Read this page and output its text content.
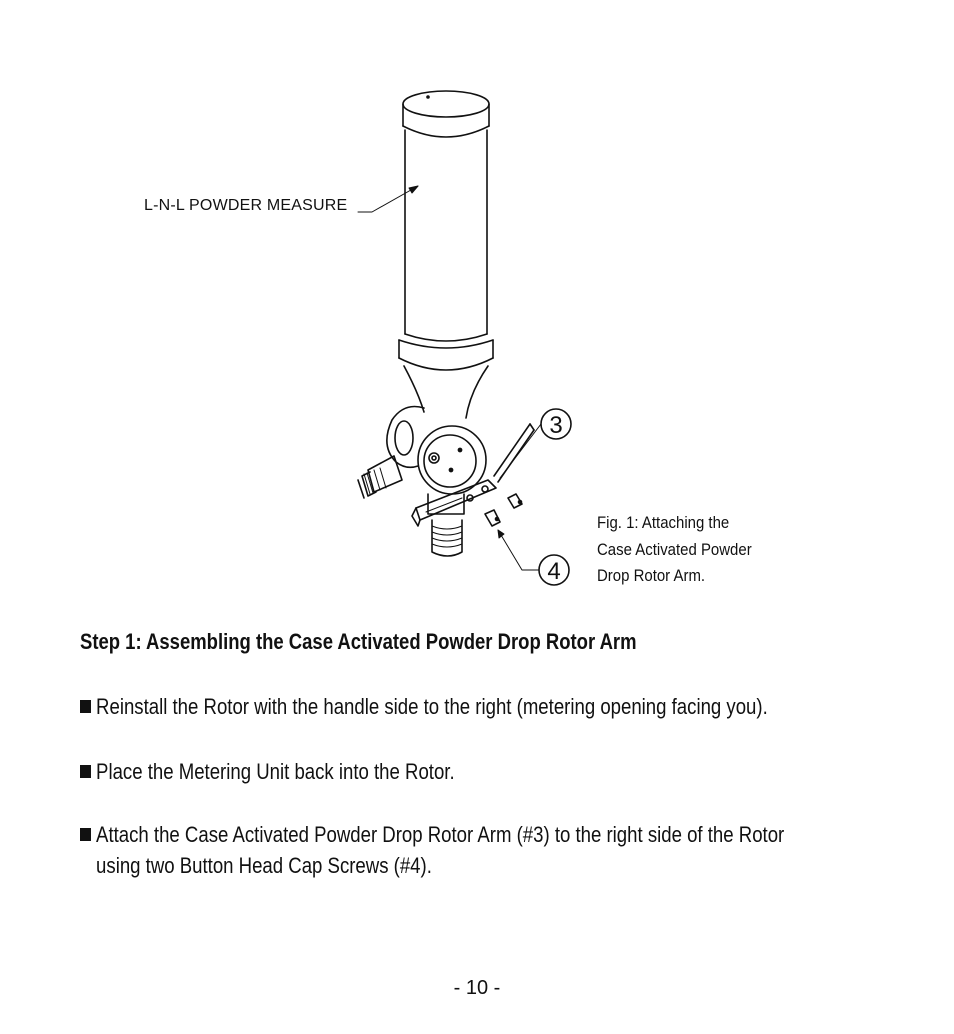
3
4
L-N-L POWDER MEASURE
Fig. 1: Attaching the
Case Activated Powder
Drop Rotor Arm.
Step 1: Assembling the Case Activated Powder Drop Rotor Arm
Reinstall the Rotor with the handle side to the right (metering opening facing you).
Place the Metering Unit back into the Rotor.
Attach the Case Activated Powder Drop Rotor Arm (#3) to the right side of the Rotor
using two Button Head Cap Screws (#4).
- 10 -
